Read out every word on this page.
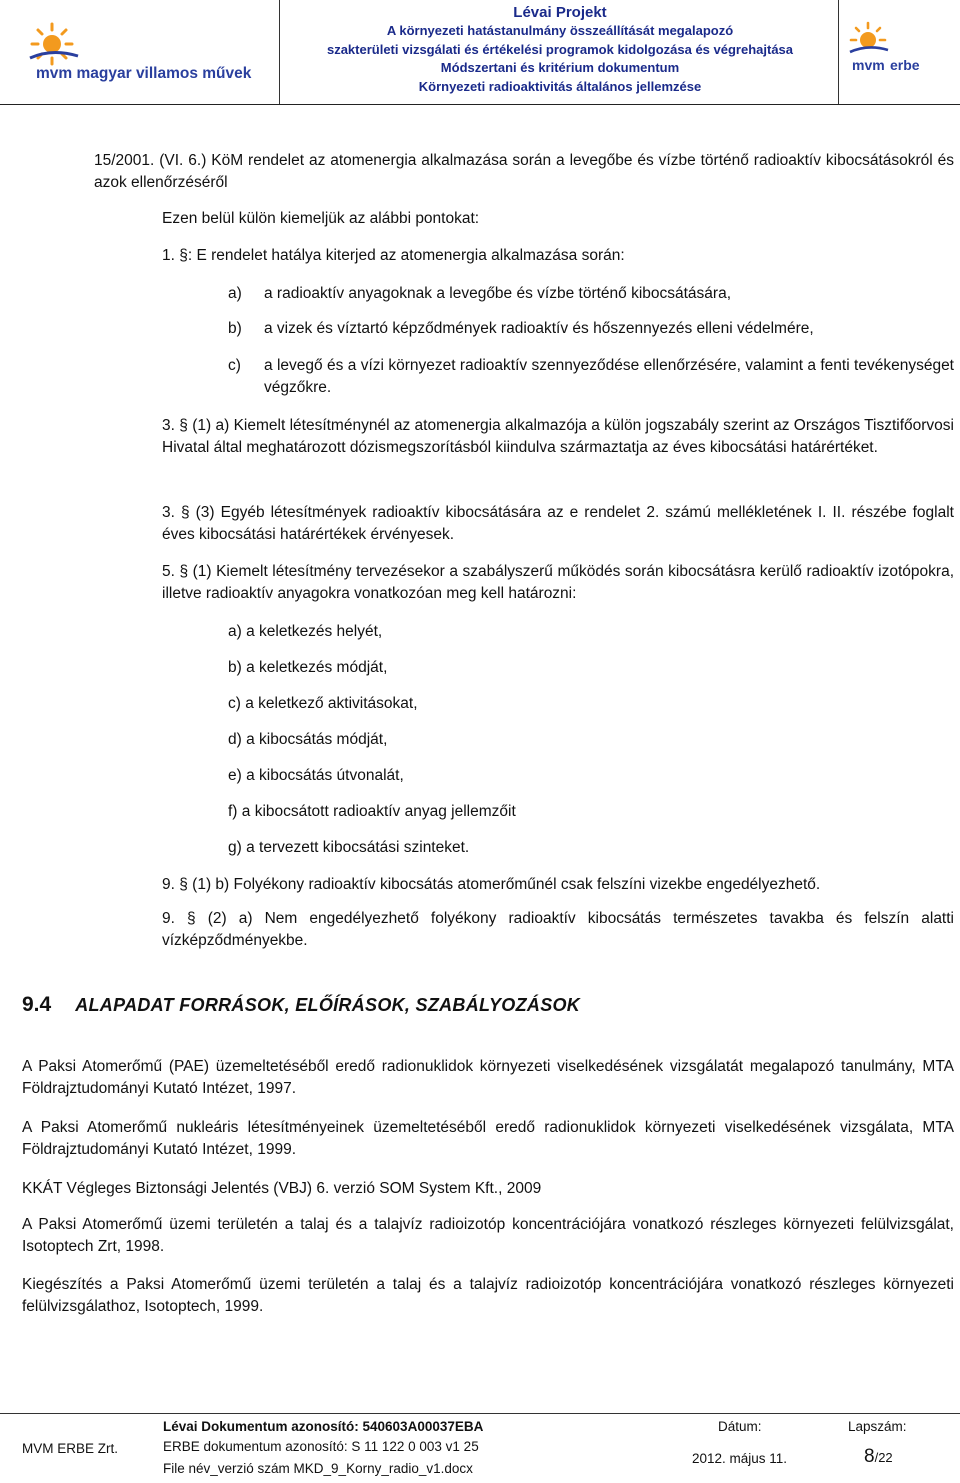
mvm magyar villamos művek
Lévai Projekt
A környezeti hatástanulmány összeállítását megalapozó
szakterületi vizsgálati és értékelési programok kidolgozása és végrehajtása
Módszertani és kritérium dokumentum
Környezeti radioaktivitás általános jellemzése
mvm erbe
15/2001. (VI. 6.) KöM rendelet az atomenergia alkalmazása során a levegőbe és vízbe történő radioaktív kibocsátásokról és azok ellenőrzéséről
Ezen belül külön kiemeljük az alábbi pontokat:
1. §: E rendelet hatálya kiterjed az atomenergia alkalmazása során:
a) a radioaktív anyagoknak a levegőbe és vízbe történő kibocsátására,
b) a vizek és víztartó képződmények radioaktív és hőszennyezés elleni védelmére,
c) a levegő és a vízi környezet radioaktív szennyeződése ellenőrzésére, valamint a fenti tevékenységet végzőkre.
3. § (1) a) Kiemelt létesítménynél az atomenergia alkalmazója a külön jogszabály szerint az Országos Tisztifőorvosi Hivatal által meghatározott dózismegszorításból kiindulva származtatja az éves kibocsátási határértéket.
3. § (3) Egyéb létesítmények radioaktív kibocsátására az e rendelet 2. számú mellékletének I. II. részébe foglalt éves kibocsátási határértékek érvényesek.
5. § (1) Kiemelt létesítmény tervezésekor a szabályszerű működés során kibocsátásra kerülő radioaktív izotópokra, illetve radioaktív anyagokra vonatkozóan meg kell határozni:
a) a keletkezés helyét,
b) a keletkezés módját,
c) a keletkező aktivitásokat,
d) a kibocsátás módját,
e) a kibocsátás útvonalát,
f) a kibocsátott radioaktív anyag jellemzőit
g) a tervezett kibocsátási szinteket.
9. § (1) b) Folyékony radioaktív kibocsátás atomerőműnél csak felszíni vizekbe engedélyezhető.
9. § (2) a) Nem engedélyezhető folyékony radioaktív kibocsátás természetes tavakba és felszín alatti vízképződményekbe.
9.4 ALAPADAT FORRÁSOK, ELŐÍRÁSOK, SZABÁLYOZÁSOK
A Paksi Atomerőmű (PAE) üzemeltetéséből eredő radionuklidok környezeti viselkedésének vizsgálatát megalapozó tanulmány, MTA Földrajztudományi Kutató Intézet, 1997.
A Paksi Atomerőmű nukleáris létesítményeinek üzemeltetéséből eredő radionuklidok környezeti viselkedésének vizsgálata, MTA Földrajztudományi Kutató Intézet, 1999.
KKÁT Végleges Biztonsági Jelentés (VBJ) 6. verzió SOM System Kft., 2009
A Paksi Atomerőmű üzemi területén a talaj és a talajvíz radioizotóp koncentrációjára vonatkozó részleges környezeti felülvizsgálat, Isotoptech Zrt, 1998.
Kiegészítés a Paksi Atomerőmű üzemi területén a talaj és a talajvíz radioizotóp koncentrációjára vonatkozó részleges környezeti felülvizsgálathoz, Isotoptech, 1999.
MVM ERBE Zrt.
Lévai Dokumentum azonosító: 540603A00037EBA
ERBE dokumentum azonosító: S 11 122 0 003 v1 25
File név_verzió szám MKD_9_Korny_radio_v1.docx
Dátum:
2012. május 11.
Lapszám:
8/22
